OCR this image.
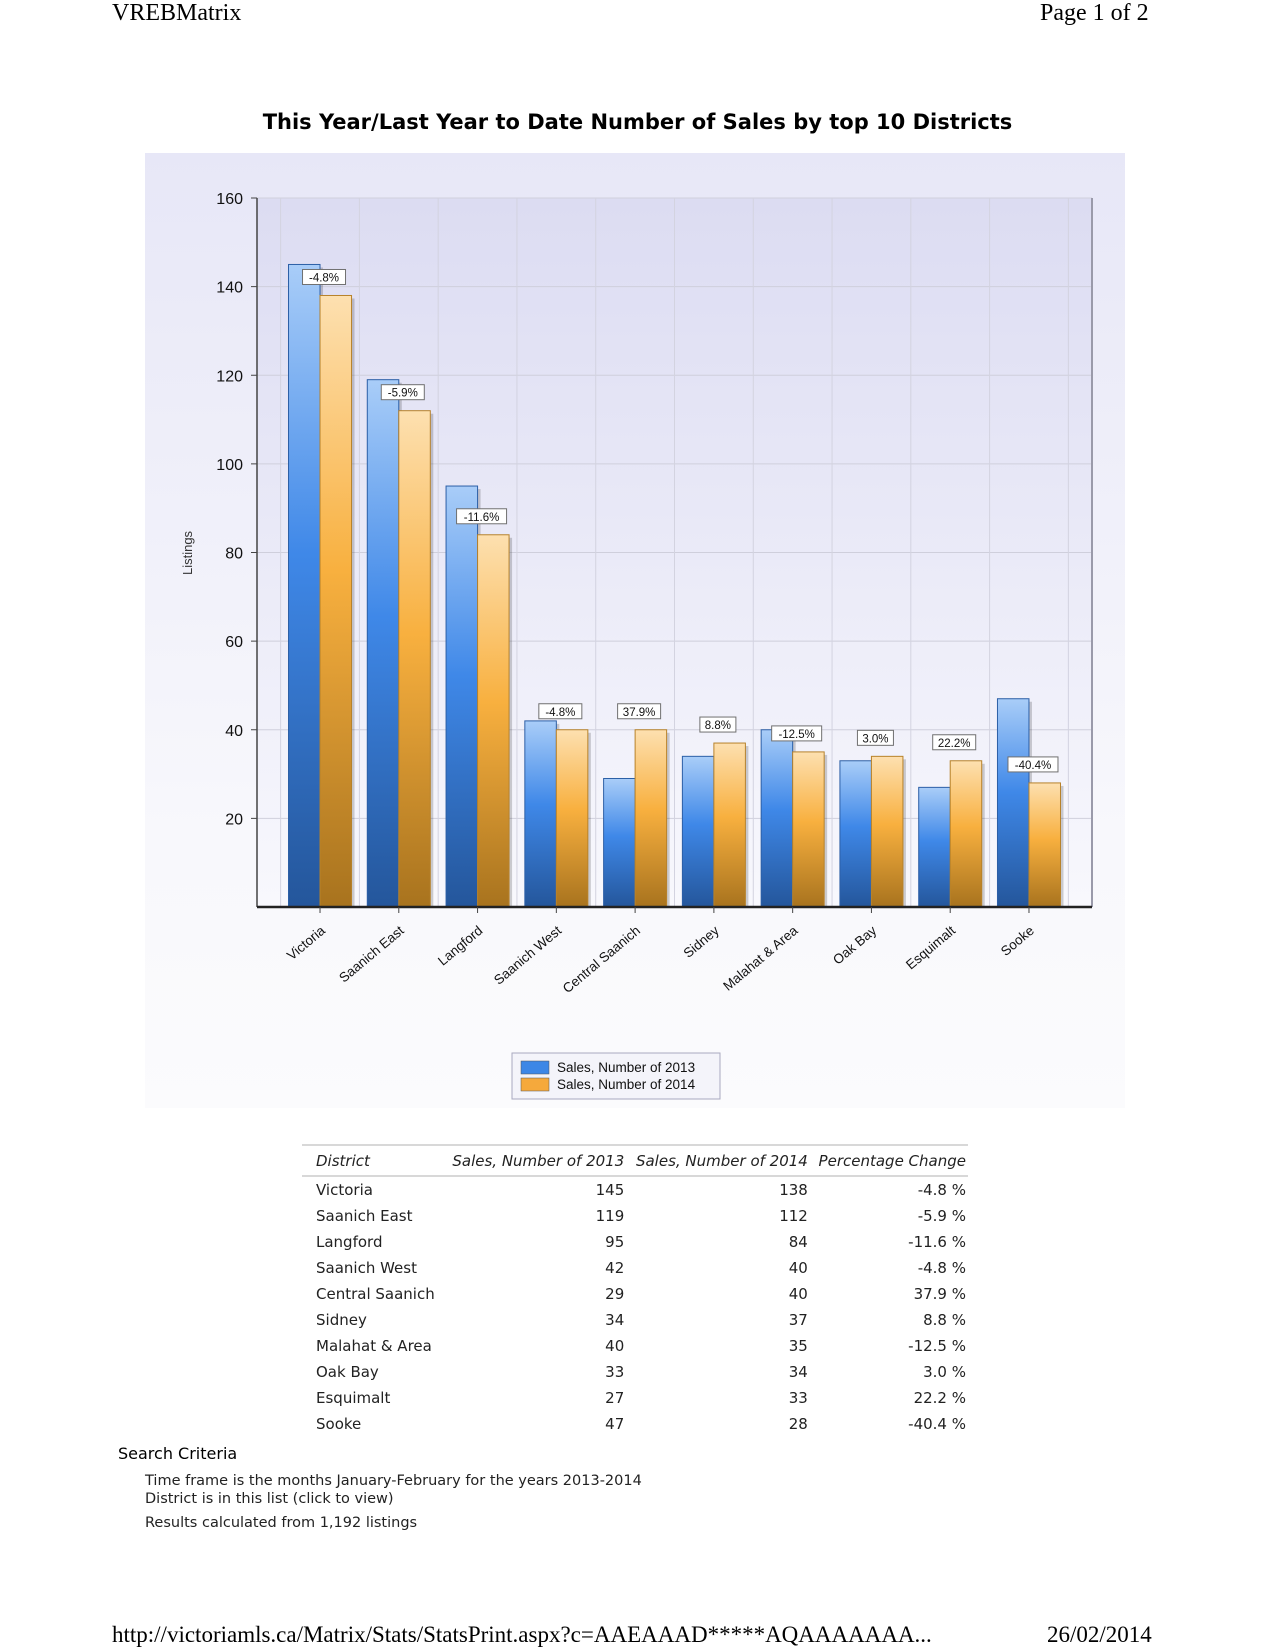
VREBMatrix	Page 1 of 2
This Year/Last Year to Date Number of Sales by top 10 Districts
-4.8%
-5.9%
-11.6%
-4.8%	37.9%
8.8%
-12.5%	3.0%	22.2%
-40.4%
20
40
60
80
100
120
140
160
Victoria Saanich East Langford Saanich West
Central Saanich	Sidney
Malahat & Area Oak Bay Esquimalt	Sooke
Listings
Sales, Number of 2013
Sales, Number of 2014
District	Sales, Number of 2013	Sales, Number of 2014	Percentage Change
Victoria	145	138	-4.8 %
Saanich East	119	112	-5.9 %
Langford	95	84	-11.6 %
Saanich West	42	40	-4.8 %
Central Saanich	29	40	37.9 %
Sidney	34	37	8.8 %
Malahat & Area	40	35	-12.5 %
Oak Bay	33	34	3.0 %
Esquimalt	27	33	22.2 %
Sooke	47	28	-40.4 %
Search Criteria
Time frame is the months January-February for the years 2013-2014
District is in this list (click to view)
Results calculated from 1,192 listings
http://victoriamls.ca/Matrix/Stats/StatsPrint.aspx?c=AAEAAAD*****AQAAAAAAA...	26/02/2014
